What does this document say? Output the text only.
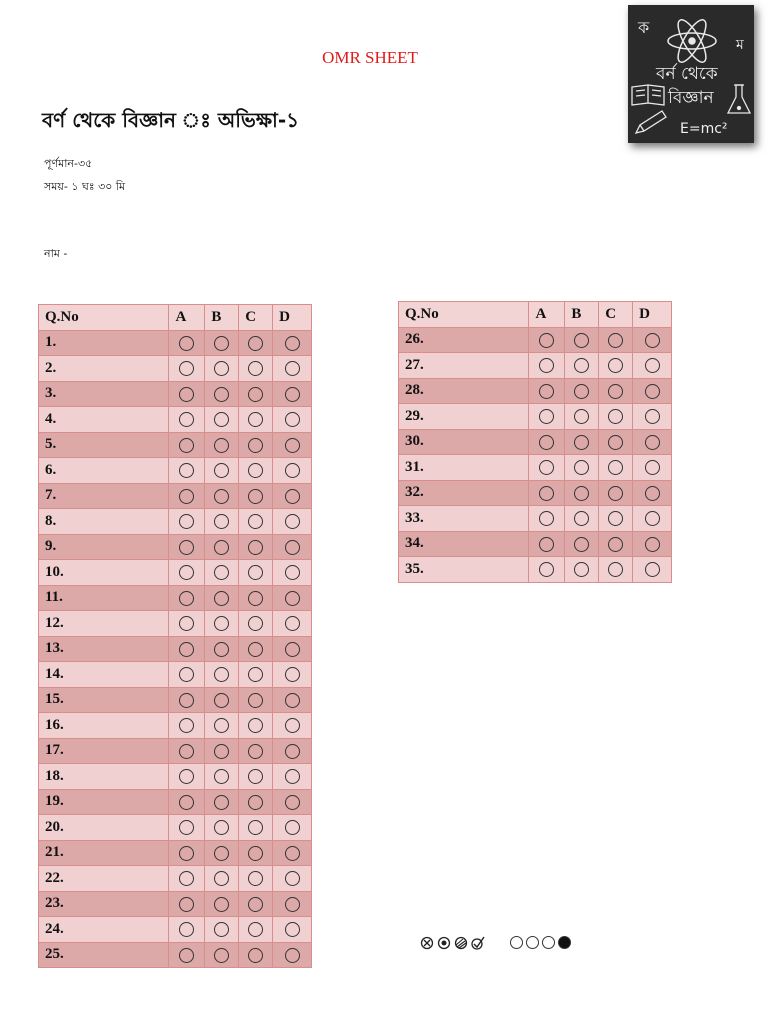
OMR SHEET
বর্ণ থেকে বিজ্ঞান ঃ অভিক্ষা-১
পূর্ণমান-৩৫
সময়- ১ ঘঃ ৩০ মি
নাম -
ক
ম
বর্ন থেকে
বিজ্ঞান
E=mc²
Q.No	A	B	C	D
1.				
2.				
3.				
4.				
5.				
6.				
7.				
8.				
9.				
10.				
11.				
12.				
13.				
14.				
15.				
16.				
17.				
18.				
19.				
20.				
21.				
22.				
23.				
24.				
25.				
Q.No	A	B	C	D
26.				
27.				
28.				
29.				
30.				
31.				
32.				
33.				
34.				
35.				
